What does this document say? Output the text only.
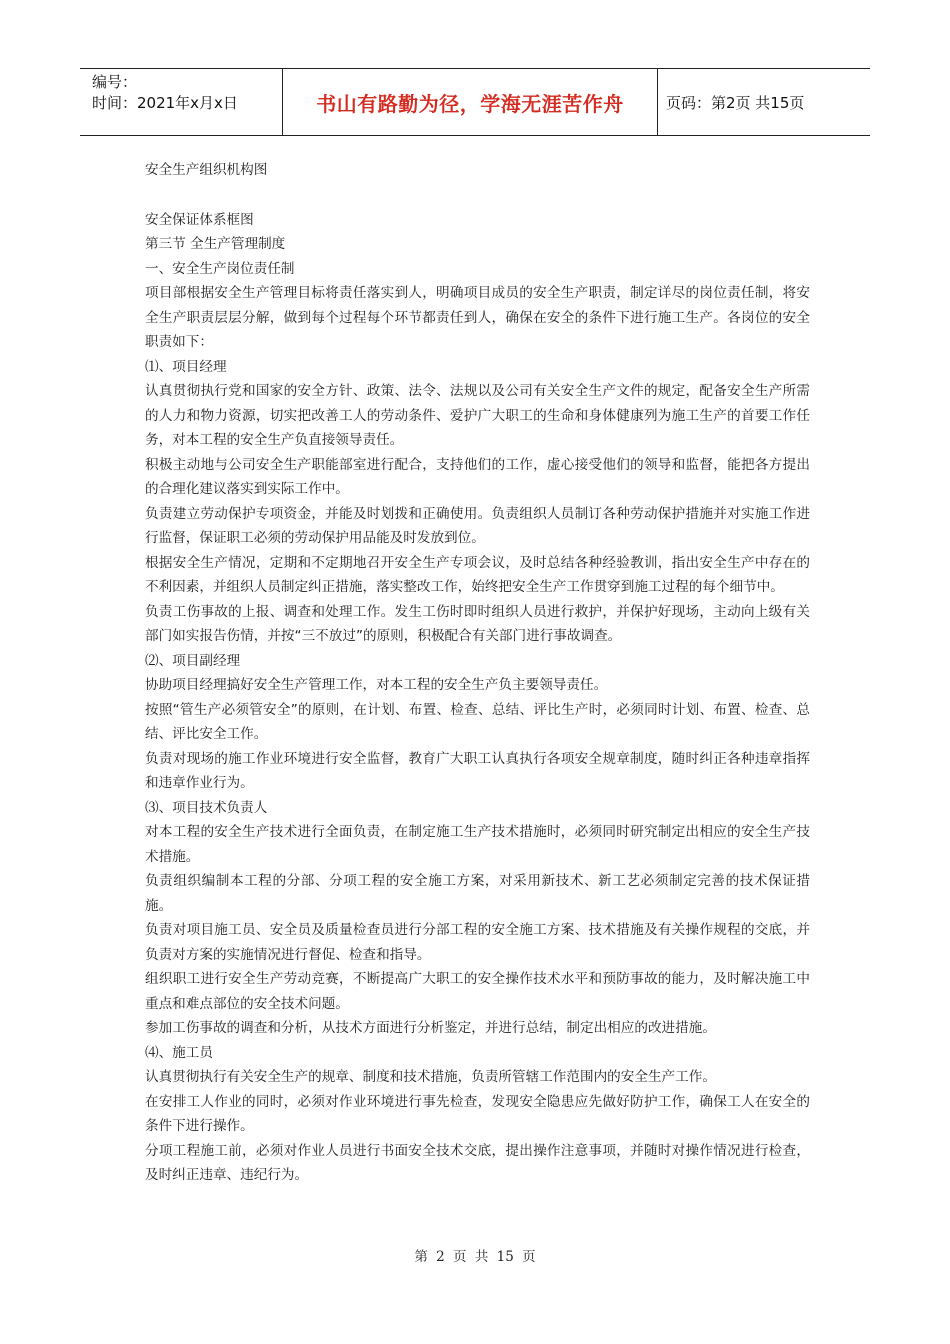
编号：
时间：2021年x月x日	书山有路勤为径，学海无涯苦作舟	页码：第2页 共15页

安全生产组织机构图

安全保证体系框图

第三节 全生产管理制度

一、安全生产岗位责任制

项目部根据安全生产管理目标将责任落实到人，明确项目成员的安全生产职责，制定详尽的岗位责任制，将安全生产职责层层分解，做到每个过程每个环节都责任到人，确保在安全的条件下进行施工生产。各岗位的安全职责如下：

⑴、项目经理

认真贯彻执行党和国家的安全方针、政策、法令、法规以及公司有关安全生产文件的规定，配备安全生产所需的人力和物力资源，切实把改善工人的劳动条件、爱护广大职工的生命和身体健康列为施工生产的首要工作任务，对本工程的安全生产负直接领导责任。

积极主动地与公司安全生产职能部室进行配合，支持他们的工作，虚心接受他们的领导和监督，能把各方提出的合理化建议落实到实际工作中。

负责建立劳动保护专项资金，并能及时划拨和正确使用。负责组织人员制订各种劳动保护措施并对实施工作进行监督，保证职工必须的劳动保护用品能及时发放到位。

根据安全生产情况，定期和不定期地召开安全生产专项会议，及时总结各种经验教训，指出安全生产中存在的不利因素，并组织人员制定纠正措施，落实整改工作，始终把安全生产工作贯穿到施工过程的每个细节中。

负责工伤事故的上报、调查和处理工作。发生工伤时即时组织人员进行救护，并保护好现场，主动向上级有关部门如实报告伤情，并按“三不放过”的原则，积极配合有关部门进行事故调查。

⑵、项目副经理

协助项目经理搞好安全生产管理工作，对本工程的安全生产负主要领导责任。

按照“管生产必须管安全”的原则，在计划、布置、检查、总结、评比生产时，必须同时计划、布置、检查、总结、评比安全工作。

负责对现场的施工作业环境进行安全监督，教育广大职工认真执行各项安全规章制度，随时纠正各种违章指挥和违章作业行为。

⑶、项目技术负责人

对本工程的安全生产技术进行全面负责，在制定施工生产技术措施时，必须同时研究制定出相应的安全生产技术措施。

负责组织编制本工程的分部、分项工程的安全施工方案，对采用新技术、新工艺必须制定完善的技术保证措施。

负责对项目施工员、安全员及质量检查员进行分部工程的安全施工方案、技术措施及有关操作规程的交底，并负责对方案的实施情况进行督促、检查和指导。

组织职工进行安全生产劳动竞赛，不断提高广大职工的安全操作技术水平和预防事故的能力，及时解决施工中重点和难点部位的安全技术问题。

参加工伤事故的调查和分析，从技术方面进行分析鉴定，并进行总结，制定出相应的改进措施。

⑷、施工员

认真贯彻执行有关安全生产的规章、制度和技术措施，负责所管辖工作范围内的安全生产工作。

在安排工人作业的同时，必须对作业环境进行事先检查，发现安全隐患应先做好防护工作，确保工人在安全的条件下进行操作。

分项工程施工前，必须对作业人员进行书面安全技术交底，提出操作注意事项，并随时对操作情况进行检查，及时纠正违章、违纪行为。

第 2 页 共 15 页
